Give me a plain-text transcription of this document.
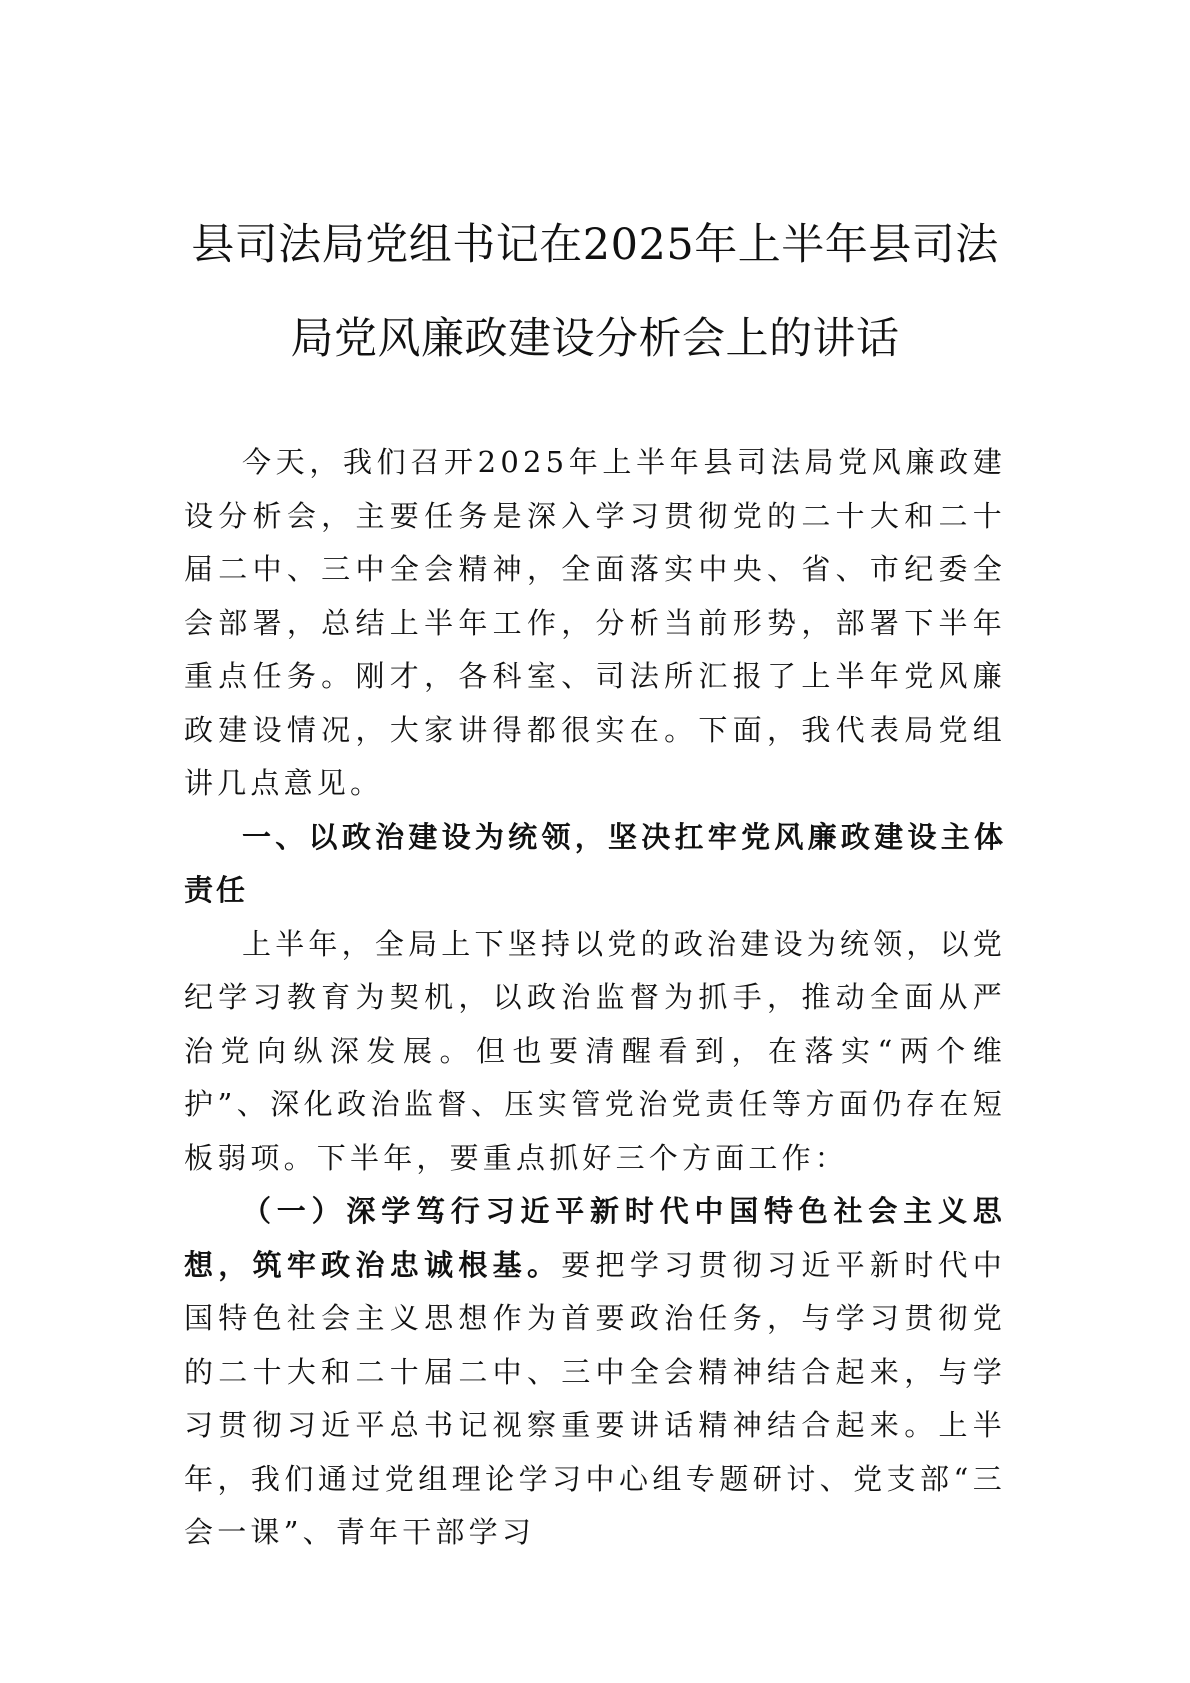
县司法局党组书记在2025年上半年县司法
局党风廉政建设分析会上的讲话

今天，我们召开2025年上半年县司法局党风廉政建设分析会，主要任务是深入学习贯彻党的二十大和二十届二中、三中全会精神，全面落实中央、省、市纪委全会部署，总结上半年工作，分析当前形势，部署下半年重点任务。刚才，各科室、司法所汇报了上半年党风廉政建设情况，大家讲得都很实在。下面，我代表局党组讲几点意见。

一、以政治建设为统领，坚决扛牢党风廉政建设主体责任

上半年，全局上下坚持以党的政治建设为统领，以党纪学习教育为契机，以政治监督为抓手，推动全面从严治党向纵深发展。但也要清醒看到，在落实“两个维护”、深化政治监督、压实管党治党责任等方面仍存在短板弱项。下半年，要重点抓好三个方面工作：

（一）深学笃行习近平新时代中国特色社会主义思想，筑牢政治忠诚根基。要把学习贯彻习近平新时代中国特色社会主义思想作为首要政治任务，与学习贯彻党的二十大和二十届二中、三中全会精神结合起来，与学习贯彻习近平总书记视察重要讲话精神结合起来。上半年，我们通过党组理论学习中心组专题研讨、党支部“三会一课”、青年干部学习
